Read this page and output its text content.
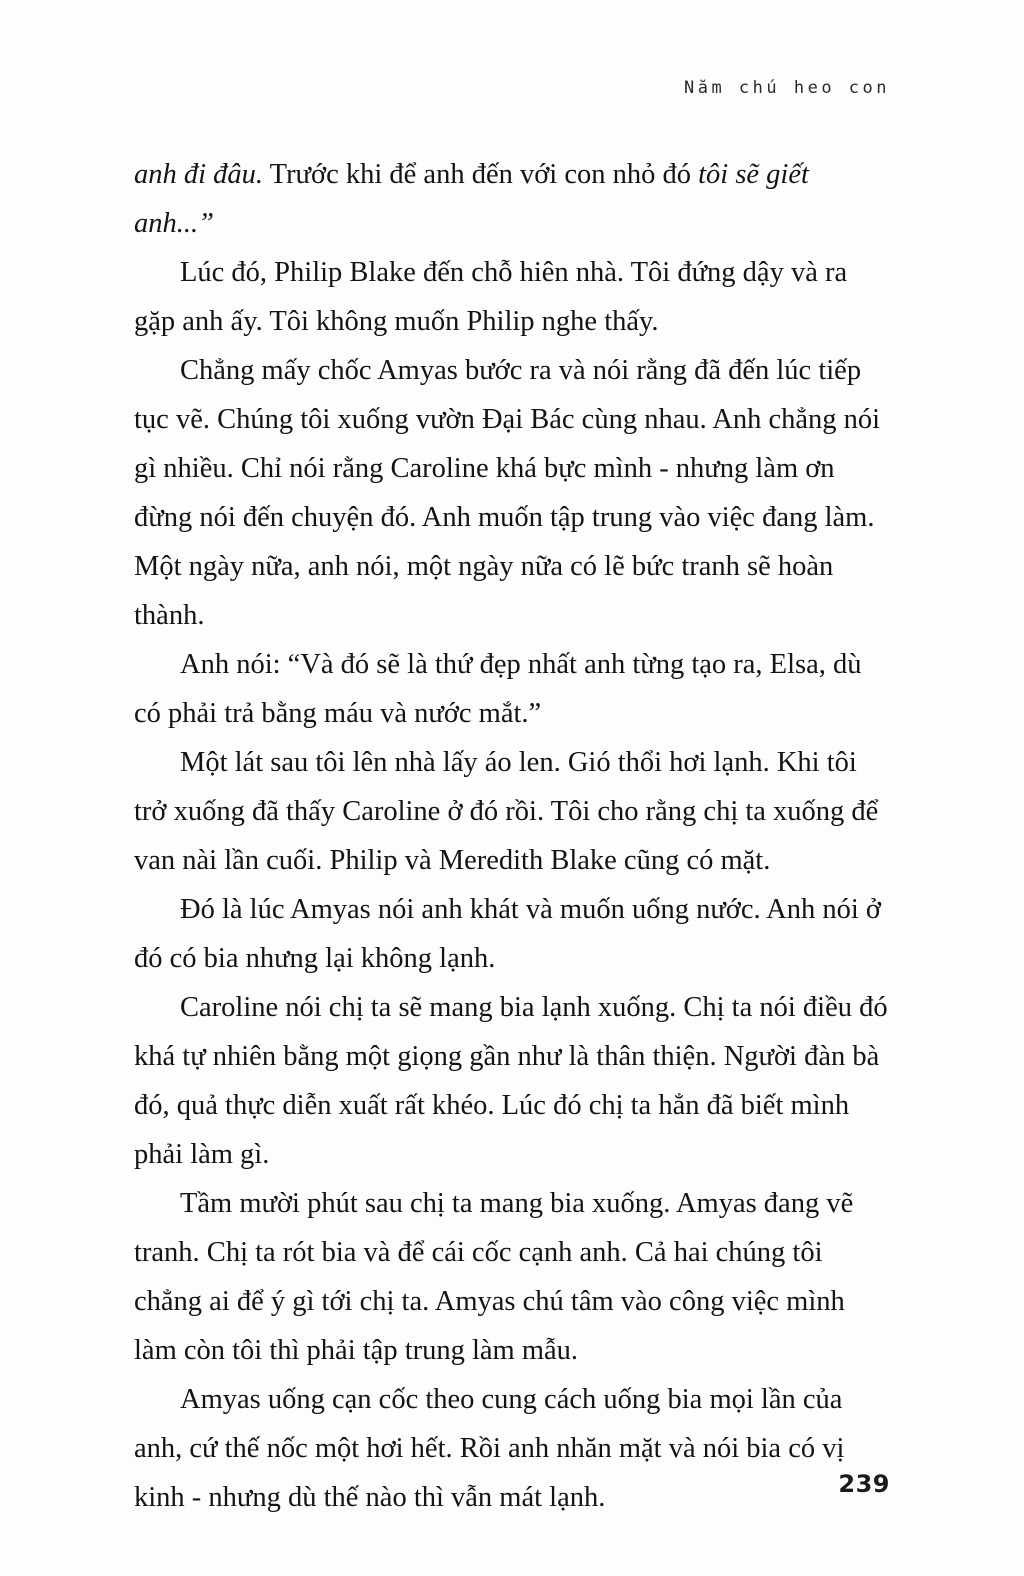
Năm chú heo con

anh đi đâu. Trước khi để anh đến với con nhỏ đó tôi sẽ giết anh...”

Lúc đó, Philip Blake đến chỗ hiên nhà. Tôi đứng dậy và ra gặp anh ấy. Tôi không muốn Philip nghe thấy.

Chẳng mấy chốc Amyas bước ra và nói rằng đã đến lúc tiếp tục vẽ. Chúng tôi xuống vườn Đại Bác cùng nhau. Anh chẳng nói gì nhiều. Chỉ nói rằng Caroline khá bực mình - nhưng làm ơn đừng nói đến chuyện đó. Anh muốn tập trung vào việc đang làm. Một ngày nữa, anh nói, một ngày nữa có lẽ bức tranh sẽ hoàn thành.

Anh nói: “Và đó sẽ là thứ đẹp nhất anh từng tạo ra, Elsa, dù có phải trả bằng máu và nước mắt.”

Một lát sau tôi lên nhà lấy áo len. Gió thổi hơi lạnh. Khi tôi trở xuống đã thấy Caroline ở đó rồi. Tôi cho rằng chị ta xuống để van nài lần cuối. Philip và Meredith Blake cũng có mặt.

Đó là lúc Amyas nói anh khát và muốn uống nước. Anh nói ở đó có bia nhưng lại không lạnh.

Caroline nói chị ta sẽ mang bia lạnh xuống. Chị ta nói điều đó khá tự nhiên bằng một giọng gần như là thân thiện. Người đàn bà đó, quả thực diễn xuất rất khéo. Lúc đó chị ta hẳn đã biết mình phải làm gì.

Tầm mười phút sau chị ta mang bia xuống. Amyas đang vẽ tranh. Chị ta rót bia và để cái cốc cạnh anh. Cả hai chúng tôi chẳng ai để ý gì tới chị ta. Amyas chú tâm vào công việc mình làm còn tôi thì phải tập trung làm mẫu.

Amyas uống cạn cốc theo cung cách uống bia mọi lần của anh, cứ thế nốc một hơi hết. Rồi anh nhăn mặt và nói bia có vị kinh - nhưng dù thế nào thì vẫn mát lạnh.	239
